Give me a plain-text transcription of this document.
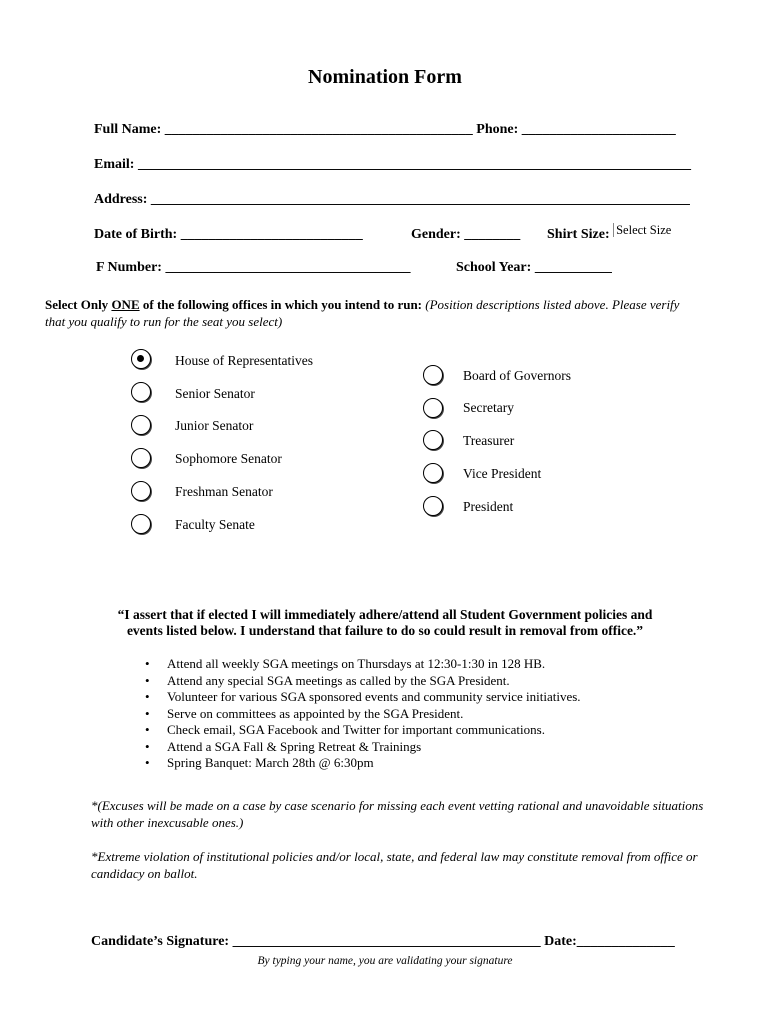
Nomination Form
Full Name: ____________________________________________ Phone: ______________________
Email: _______________________________________________________________________________
Address: _____________________________________________________________________________
Date of Birth: __________________________	Gender: ________ Shirt Size: Select Size
F Number: ___________________________________	School Year: ___________
Select Only ONE of the following offices in which you intend to run: (Position descriptions listed above. Please verify
that you qualify to run for the seat you select)
House of Representatives
Senior Senator
Junior Senator
Sophomore Senator
Freshman Senator
Faculty Senate
Board of Governors
Secretary
Treasurer
Vice President
President
“I assert that if elected I will immediately adhere/attend all Student Government policies and
events listed below. I understand that failure to do so could result in removal from office.”
• Attend all weekly SGA meetings on Thursdays at 12:30-1:30 in 128 HB.
• Attend any special SGA meetings as called by the SGA President.
• Volunteer for various SGA sponsored events and community service initiatives.
• Serve on committees as appointed by the SGA President.
• Check email, SGA Facebook and Twitter for important communications.
• Attend a SGA Fall & Spring Retreat & Trainings
• Spring Banquet: March 28th @ 6:30pm
*(Excuses will be made on a case by case scenario for missing each event vetting rational and unavoidable situations with other inexcusable ones.)
*Extreme violation of institutional policies and/or local, state, and federal law may constitute removal from office or candidacy on ballot.
Candidate’s Signature: ____________________________________________ Date:______________
By typing your name, you are validating your signature
